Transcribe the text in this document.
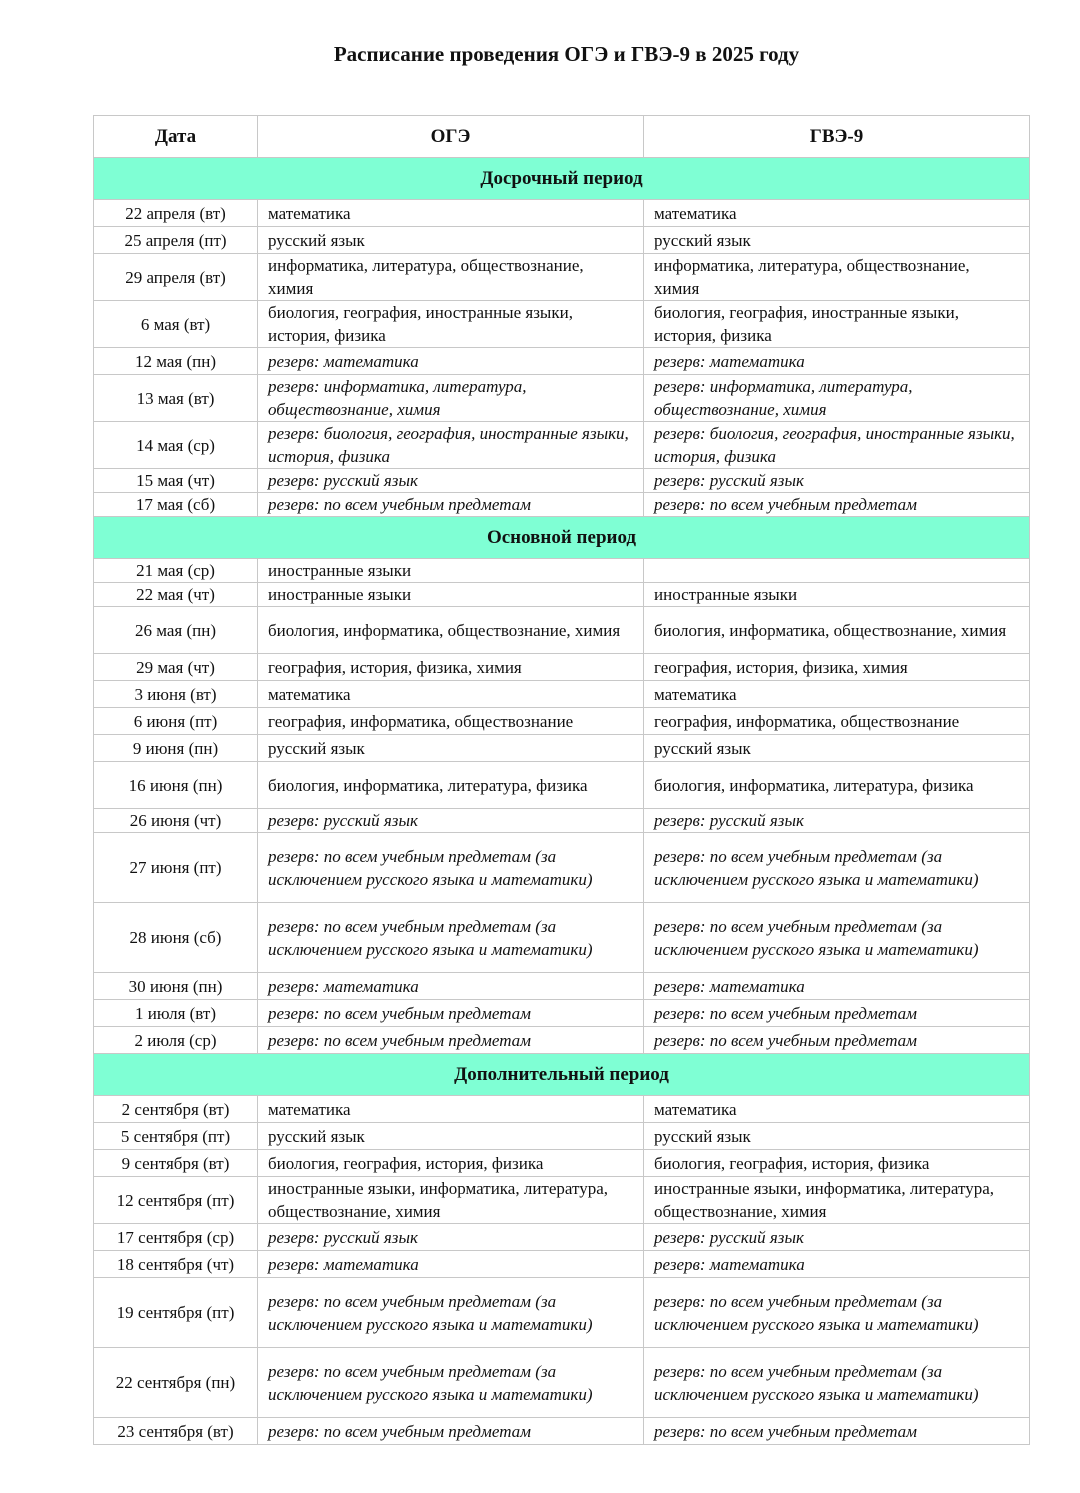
Расписание проведения ОГЭ и ГВЭ-9 в 2025 году
Дата	ОГЭ	ГВЭ-9
Досрочный период		
22 апреля (вт)	математика	математика
25 апреля (пт)	русский язык	русский язык
29 апреля (вт)	информатика, литература, обществознание, химия	информатика, литература, обществознание, химия
6 мая (вт)	биология, география, иностранные языки, история, физика	биология, география, иностранные языки, история, физика
12 мая (пн)	резерв: математика	резерв: математика
13 мая (вт)	резерв: информатика, литература, обществознание, химия	резерв: информатика, литература, обществознание, химия
14 мая (ср)	резерв: биология, география, иностранные языки, история, физика	резерв: биология, география, иностранные языки, история, физика
15 мая (чт)	резерв: русский язык	резерв: русский язык
17 мая (сб)	резерв: по всем учебным предметам	резерв: по всем учебным предметам
Основной период		
21 мая (ср)	иностранные языки	
22 мая (чт)	иностранные языки	иностранные языки
26 мая (пн)	биология, информатика, обществознание, химия	биология, информатика, обществознание, химия
29 мая (чт)	география, история, физика, химия	география, история, физика, химия
3 июня (вт)	математика	математика
6 июня (пт)	география, информатика, обществознание	география, информатика, обществознание
9 июня (пн)	русский язык	русский язык
16 июня (пн)	биология, информатика, литература, физика	биология, информатика, литература, физика
26 июня (чт)	резерв: русский язык	резерв: русский язык
27 июня (пт)	резерв: по всем учебным предметам (за исключением русского языка и математики)	резерв: по всем учебным предметам (за исключением русского языка и математики)
28 июня (сб)	резерв: по всем учебным предметам (за исключением русского языка и математики)	резерв: по всем учебным предметам (за исключением русского языка и математики)
30 июня (пн)	резерв: математика	резерв: математика
1 июля (вт)	резерв: по всем учебным предметам	резерв: по всем учебным предметам
2 июля (ср)	резерв: по всем учебным предметам	резерв: по всем учебным предметам
Дополнительный период		
2 сентября (вт)	математика	математика
5 сентября (пт)	русский язык	русский язык
9 сентября (вт)	биология, география, история, физика	биология, география, история, физика
12 сентября (пт)	иностранные языки, информатика, литература, обществознание, химия	иностранные языки, информатика, литература, обществознание, химия
17 сентября (ср)	резерв: русский язык	резерв: русский язык
18 сентября (чт)	резерв: математика	резерв: математика
19 сентября (пт)	резерв: по всем учебным предметам (за исключением русского языка и математики)	резерв: по всем учебным предметам (за исключением русского языка и математики)
22 сентября (пн)	резерв: по всем учебным предметам (за исключением русского языка и математики)	резерв: по всем учебным предметам (за исключением русского языка и математики)
23 сентября (вт)	резерв: по всем учебным предметам	резерв: по всем учебным предметам
